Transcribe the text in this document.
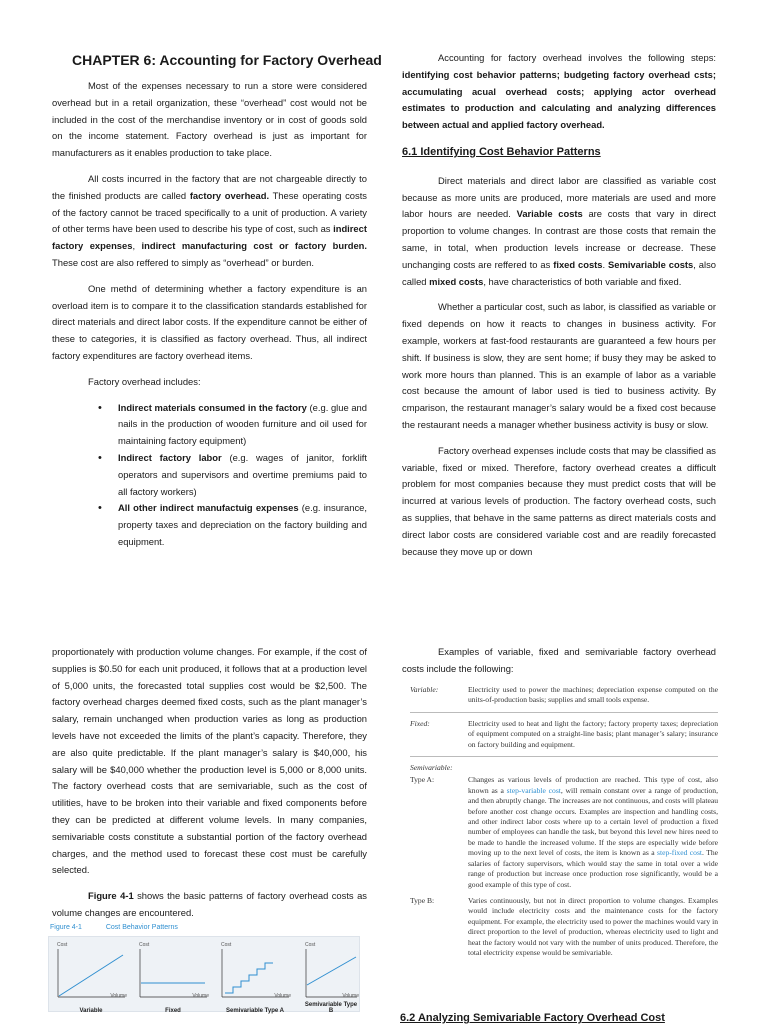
CHAPTER 6: Accounting for Factory Overhead

Most of the expenses necessary to run a store were considered overhead but in a retail organization, these “overhead” cost would not be included in the cost of the merchandise inventory or in cost of goods sold on the income statement. Factory overhead is just as important for manufacturers as it enables production to take place.

All costs incurred in the factory that are not chargeable directly to the finished products are called factory overhead. These operating costs of the factory cannot be traced specifically to a unit of production. A variety of other terms have been used to describe his type of cost, such as indirect factory expenses, indirect manufacturing cost or factory burden. These cost are also reffered to simply as “overhead” or burden.

One methd of determining whether a factory expenditure is an overload item is to compare it to the classification standards established for direct materials and direct labor costs. If the expenditure cannot be either of these to categories, it is classified as factory overhead. Thus, all indirect factory expenditures are factory overhead items.

Factory overhead includes:

• Indirect materials consumed in the factory (e.g. glue and nails in the production of wooden furniture and oil used for maintaining factory equipment)
• Indirect factory labor (e.g. wages of janitor, forklift operators and supervisors and overtime premiums paid to all factory workers)
• All other indirect manufactuig expenses (e.g. insurance, property taxes and depreciation on the factory building and equipment.

Accounting for factory overhead involves the following steps: identifying cost behavior patterns; budgeting factory overhead csts; accumulating acual overhead costs; applying actor overhead estimates to production and calculating and analyzing differences between actual and applied factory overhead.

6.1 Identifying Cost Behavior Patterns

Direct materials and direct labor are classified as variable cost because as more units are produced, more materials are used and more labor hours are needed. Variable costs are costs that vary in direct proportion to volume changes. In contrast are those costs that remain the same, in total, when production levels increase or decrease. These unchanging costs are reffered to as fixed costs. Semivariable costs, also called mixed costs, have characteristics of both variable and fixed.

Whether a particular cost, such as labor, is classified as variable or fixed depends on how it reacts to changes in business activity. For example, workers at fast-food restaurants are guaranteed a few hours per shift. If business is slow, they are sent home; if busy they may be asked to work more hours than planned. This is an example of labor as a variable cost because the amount of labor used is tied to business activity. By cmparison, the restaurant manager’s salary would be a fixed cost because the restaurant needs a manager whether business activity is busy or slow.

Factory overhead expenses include costs that may be classified as variable, fixed or mixed. Therefore, factory overhead creates a difficult problem for most companies because they must predict costs that will be incurred at various levels of production. The factory overhead costs, such as supplies, that behave in the same patterns as direct materials costs and direct labor costs are considered variable cost and are readily forecasted because they move up or down

proportionately with production volume changes. For example, if the cost of supplies is $0.50 for each unit produced, it follows that at a production level of 5,000 units, the forecasted total supplies cost would be $2,500. The factory overhead charges deemed fixed costs, such as the plant manager’s salary, remain unchanged when production varies as long as production levels have not exceeded the limits of the plant’s capacity. Therefore, they are also quite predictable. If the plant manager’s salary is $40,000, his salary will be $40,000 whether the production level is 5,000 or 8,000 units. The factory overhead costs that are semivariable, such as the cost of utilities, have to be broken into their variable and fixed components before they can be predicted at different volume levels. In many companies, semivariable costs constitute a substantial portion of the factory overhead charges, and the method used to forecast these cost must be carefully selected.

Figure 4-1 shows the basic patterns of factory overhead costs as volume changes are encountered.

Figure 4-1	Cost Behavior Patterns
Cost
Volume
Variable
Cost
Volume
Fixed
Cost
Volume
Semivariable Type A
Cost
Volume
Semivariable Type B

Examples of variable, fixed and semivariable factory overhead costs include the following:

Variable:	Electricity used to power the machines; depreciation expense computed on the units-of-production basis; supplies and small tools expense.
Fixed:	Electricity used to heat and light the factory; factory property taxes; depreciation of equipment computed on a straight-line basis; plant manager’s salary; insurance on factory building and equipment.
Semivariable:
Type A:	Changes as various levels of production are reached. This type of cost, also known as a step-variable cost, will remain constant over a range of production, and then abruptly change. The increases are not continuous, and costs will plateau before another cost change occurs. Examples are inspection and handling costs, and other indirect labor costs where up to a certain level of production a fixed number of employees can handle the task, but beyond this level new hires need to be made to handle the increased volume. If the steps are especially wide before moving up to the next level of costs, the item is known as a step-fixed cost. The salaries of factory supervisors, which would stay the same in total over a wide range of production but increase once production rose significantly, would be a good example of this type of cost.
Type B:	Varies continuously, but not in direct proportion to volume changes. Examples would include electricity costs and the maintenance costs for the factory equipment. For example, the electricity used to power the machines would vary in direct proportion to the level of production, whereas electricity used to light and heat the factory would not vary with the number of units produced. Therefore, the total electricity expense would be semivariable.
6.2 Analyzing Semivariable Factory Overhead Cost
